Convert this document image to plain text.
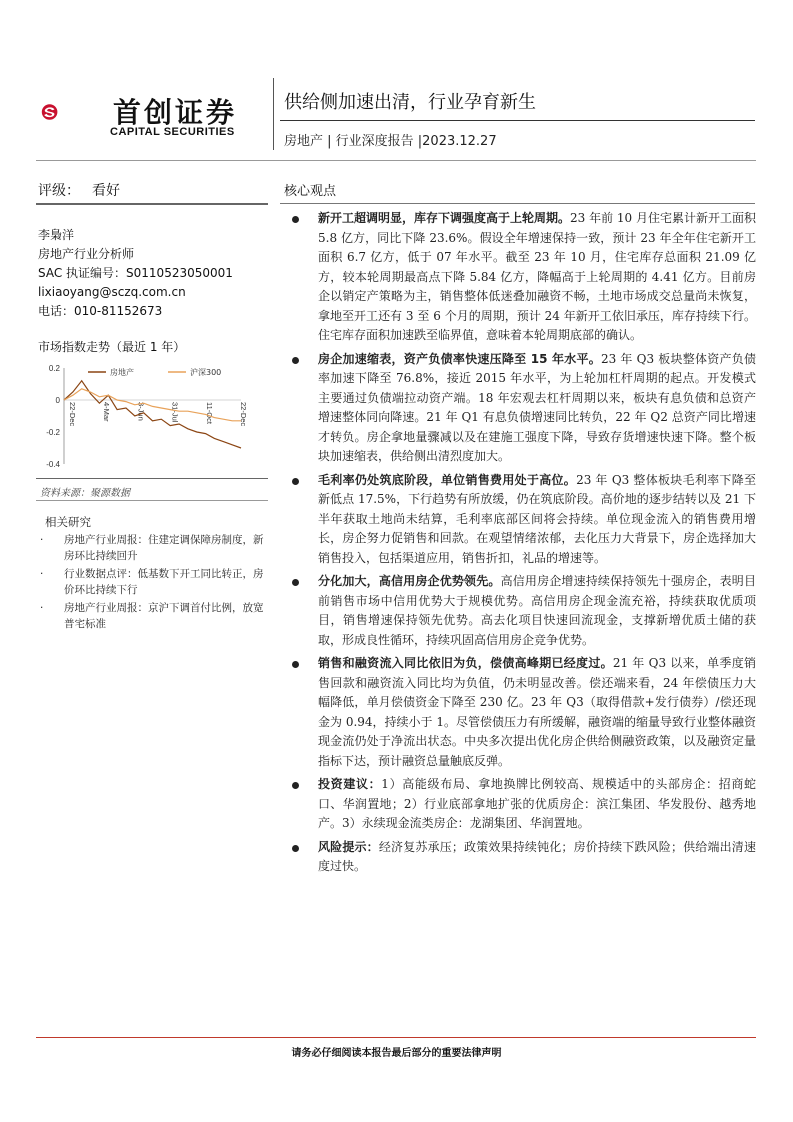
首创证券
CAPITAL SECURITIES
供给侧加速出清，行业孕育新生
房地产 | 行业深度报告 |2023.12.27
评级： 看好
李梟洋
房地产行业分析师
SAC 执证编号：S0110523050001
lixiaoyang@sczq.com.cn
电话：010-81152673
市场指数走势（最近 1 年）
0.2
0
-0.2
-0.4
22-Dec	4-Mar	3-Jun	31-Jul	11-Oct	22-Dec
房地产	沪深300
资料来源：聚源数据
相关研究
· 房地产行业周报：住建定调保障房制度，新房环比持续回升
· 行业数据点评：低基数下开工同比转正，房价环比持续下行
· 房地产行业周报：京沪下调首付比例，放宽普宅标准
核心观点
新开工超调明显，库存下调强度高于上轮周期。23 年前 10 月住宅累计新开工面积 5.8 亿方，同比下降 23.6%。假设全年增速保持一致，预计 23 年全年住宅新开工面积 6.7 亿方，低于 07 年水平。截至 23 年 10 月，住宅库存总面积 21.09 亿方，较本轮周期最高点下降 5.84 亿方，降幅高于上轮周期的 4.41 亿方。目前房企以销定产策略为主，销售整体低迷叠加融资不畅，土地市场成交总量尚未恢复，拿地至开工还有 3 至 6 个月的周期，预计 24 年新开工依旧承压，库存持续下行。住宅库存面积加速跌至临界值，意味着本轮周期底部的确认。
房企加速缩表，资产负债率快速压降至 15 年水平。23 年 Q3 板块整体资产负债率加速下降至 76.8%，接近 2015 年水平，为上轮加杠杆周期的起点。开发模式主要通过负债端拉动资产端。18 年宏观去杠杆周期以来，板块有息负债和总资产增速整体同向降速。21 年 Q1 有息负债增速同比转负，22 年 Q2 总资产同比增速才转负。房企拿地量骤减以及在建施工强度下降，导致存货增速快速下降。整个板块加速缩表，供给侧出清烈度加大。
毛利率仍处筑底阶段，单位销售费用处于高位。23 年 Q3 整体板块毛利率下降至新低点 17.5%，下行趋势有所放缓，仍在筑底阶段。高价地的逐步结转以及 21 下半年获取土地尚未结算，毛利率底部区间将会持续。单位现金流入的销售费用增长，房企努力促销售和回款。在观望情绪浓郁，去化压力大背景下，房企选择加大销售投入，包括渠道应用，销售折扣，礼品的增速等。
分化加大，高信用房企优势领先。高信用房企增速持续保持领先十强房企，表明目前销售市场中信用优势大于规模优势。高信用房企现金流充裕，持续获取优质项目，销售增速保持领先优势。高去化项目快速回流现金，支撑新增优质土储的获取，形成良性循环，持续巩固高信用房企竞争优势。
销售和融资流入同比依旧为负，偿债高峰期已经度过。21 年 Q3 以来，单季度销售回款和融资流入同比均为负值，仍未明显改善。偿还端来看，24 年偿债压力大幅降低，单月偿债资金下降至 230 亿。23 年 Q3（取得借款+发行债券）/偿还现金为 0.94，持续小于 1。尽管偿债压力有所缓解，融资端的缩量导致行业整体融资现金流仍处于净流出状态。中央多次提出优化房企供给侧融资政策，以及融资定量指标下达，预计融资总量触底反弹。
投资建议：1）高能级布局、拿地换牌比例较高、规模适中的头部房企：招商蛇口、华润置地；2）行业底部拿地扩张的优质房企：滨江集团、华发股份、越秀地产。3）永续现金流类房企：龙湖集团、华润置地。
风险提示：经济复苏承压；政策效果持续钝化；房价持续下跌风险；供给端出清速度过快。
请务必仔细阅读本报告最后部分的重要法律声明
